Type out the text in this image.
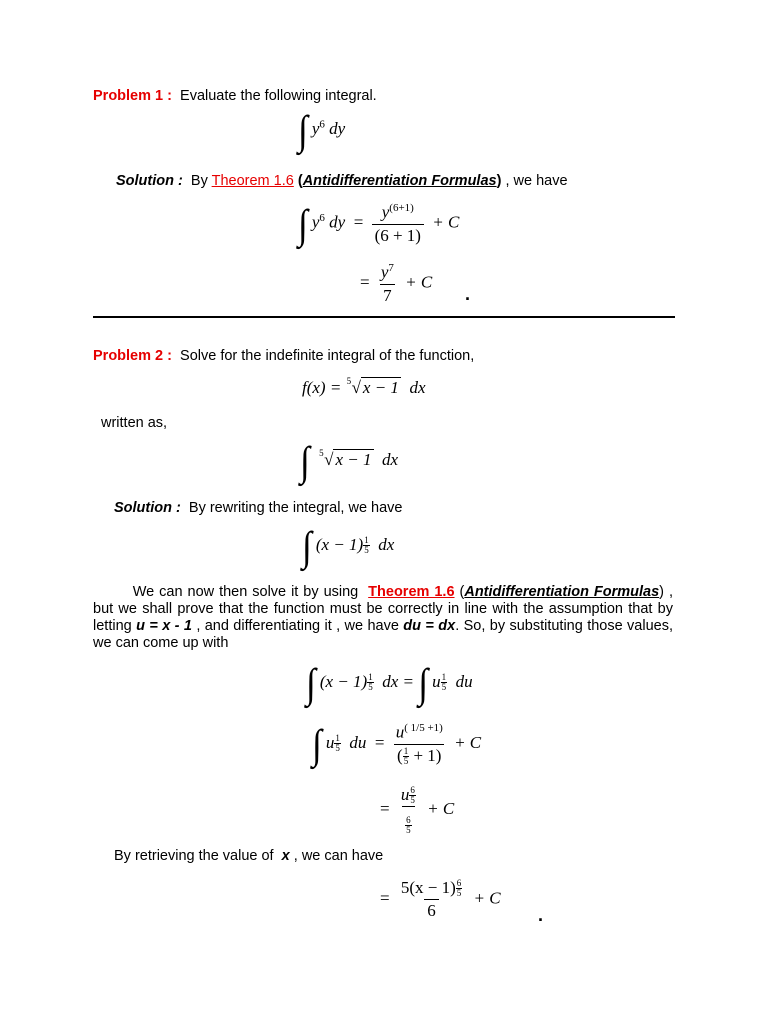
Problem 1 : Evaluate the following integral.
∫ $y^6$ dy
Solution : By Theorem 1.6 (Antidifferentiation Formulas) , we have
∫ $y^6$ dy = $\frac{y^{(6+1)}}{(6 + 1)} + C$
= $\frac{y^7}{7} + C$
.
Problem 2 : Solve for the indefinite integral of the function,
f(x) = 5 √ x − 1 dx
written as,
∫ 5 √ x − 1 dx
Solution : By rewriting the integral, we have
∫ $(x - 1) \frac{1}{5}$ dx
We can now then solve it by using Theorem 1.6 (Antidifferentiation Formulas) , but we shall prove that the function must be correctly in line with the assumption that by letting u = x - 1 , and differentiating it , we have du = dx. So, by substituting those values, we can come up with
∫ $(x - 1) \frac{1}{5}$ dx = ∫ u $\frac{1}{5}$ du
∫ u $\frac{1}{5}$ du = $\frac{u^{( 1/5 +1)}}{( \frac{1}{5} + 1)} + C$
= $\frac{u \frac{6}{5}}{\frac{6}{5}} + C$
By retrieving the value of x , we can have
= $\frac{5(x - 1) \frac{6}{5}}{6} + C$
.
